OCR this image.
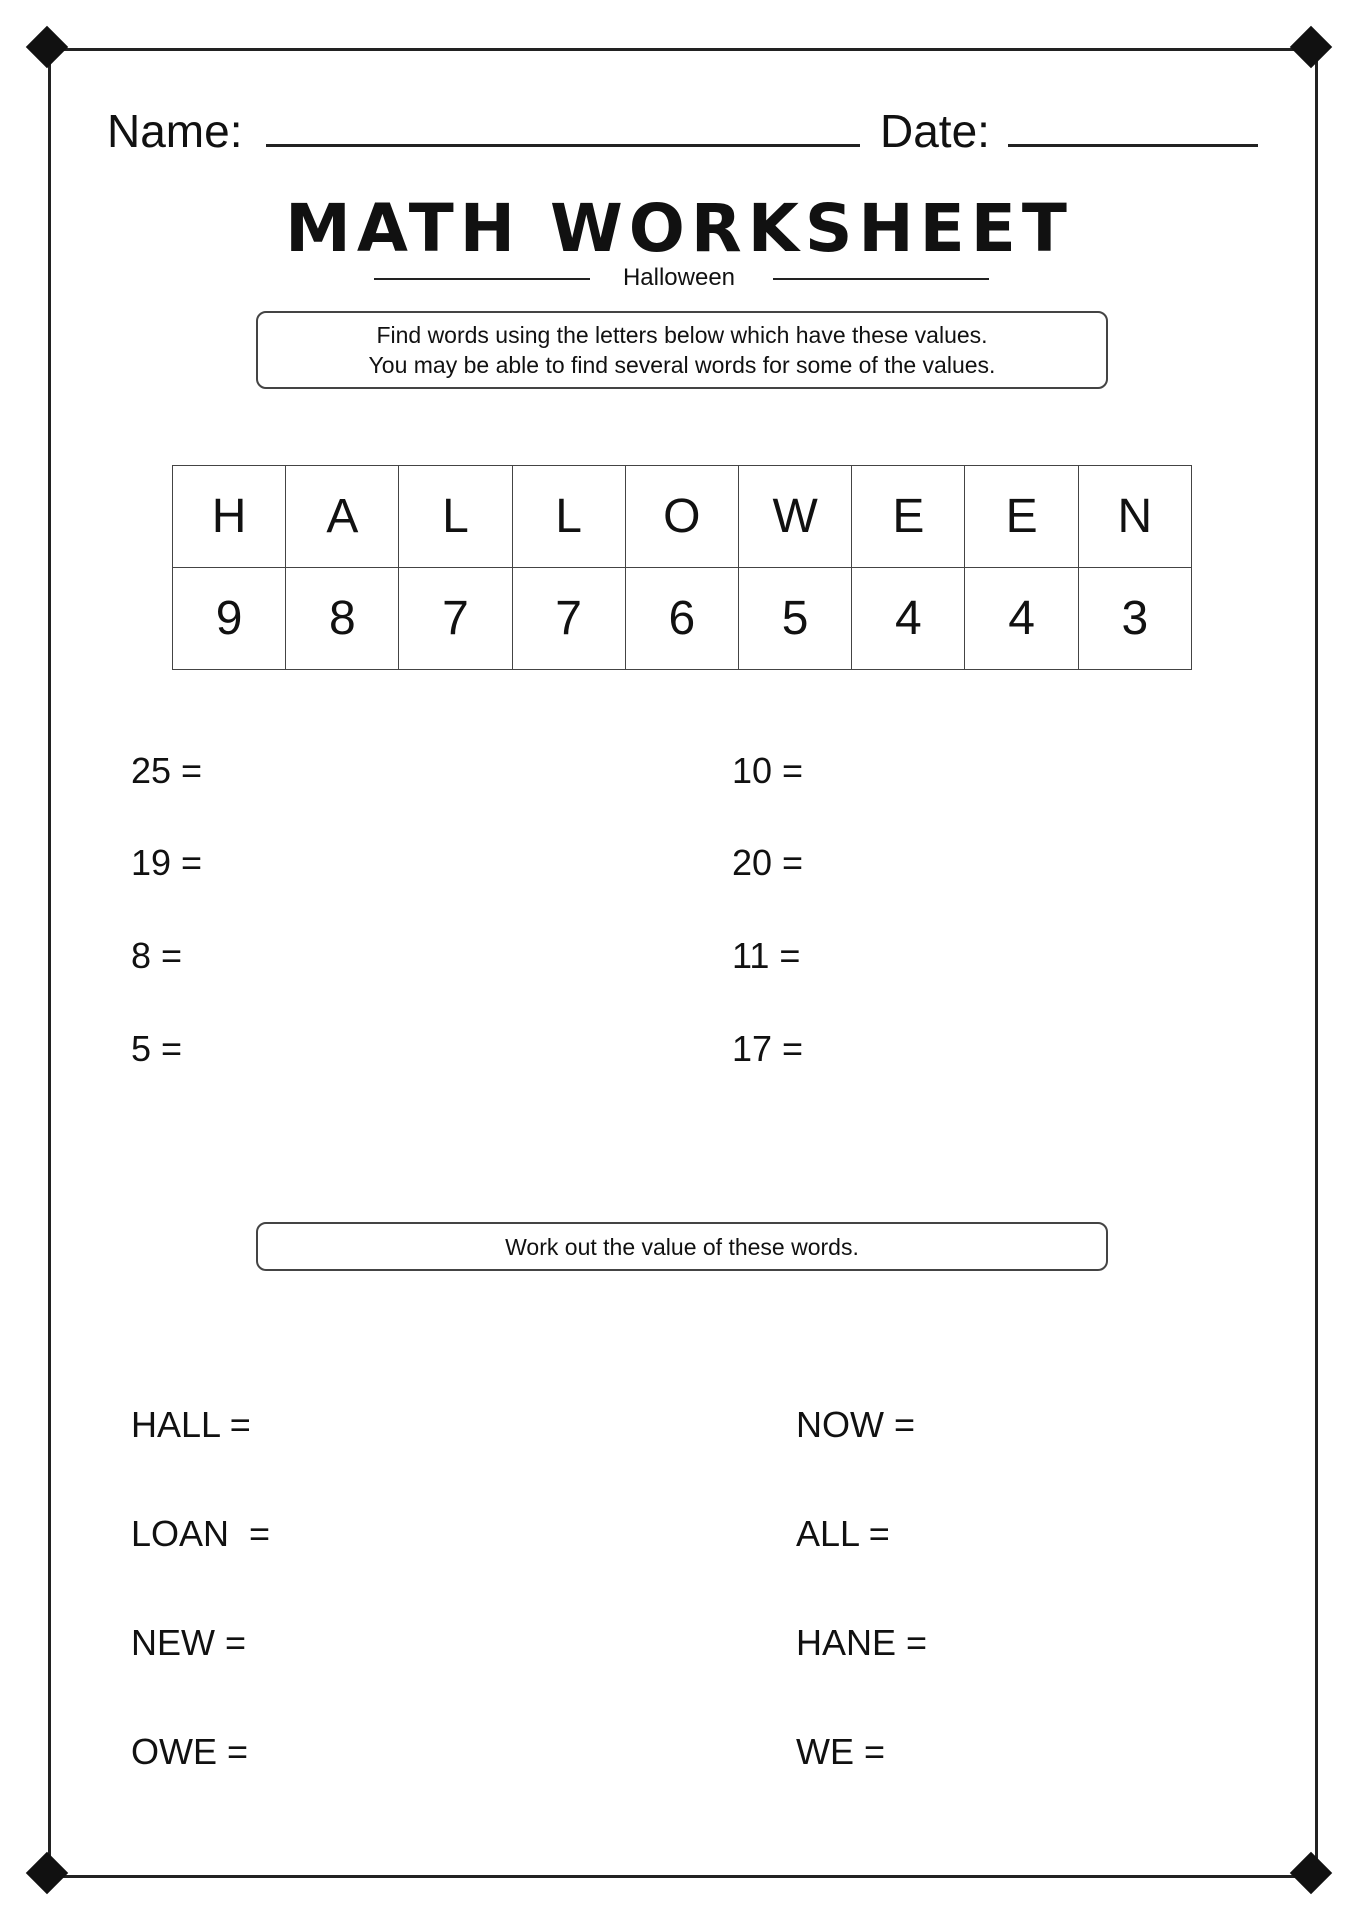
Name:	Date:
MATH WORKSHEET
Halloween
Find words using the letters below which have these values.
You may be able to find several words for some of the values.
H	A	L	L	O	W	E	E	N
9	8	7	7	6	5	4	4	3
25 =
19 =
8 =
5 =
10 =
20 =
11 =
17 =
Work out the value of these words.
HALL =
LOAN  =
NEW =
OWE =
NOW =
ALL =
HANE =
WE =
